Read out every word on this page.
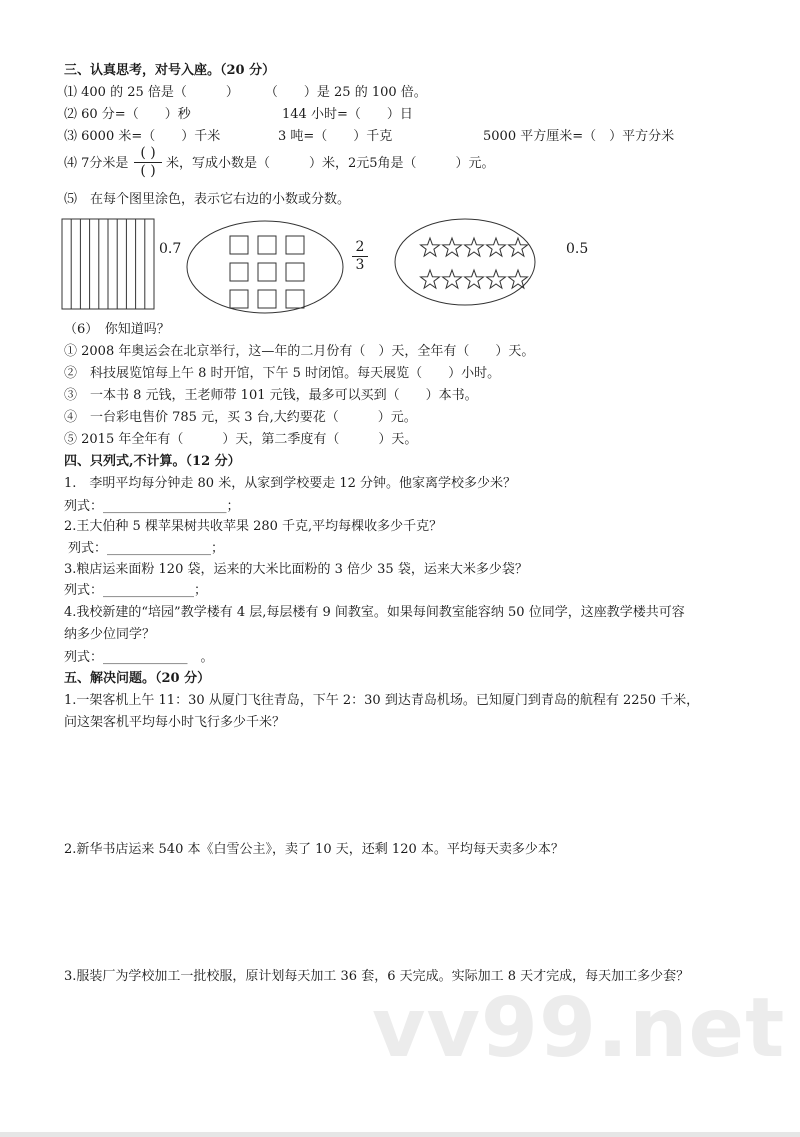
三、认真思考，对号入座。（20 分）
⑴ 400 的 25 倍是（　　　）　　　（　　）是 25 的 100 倍。
⑵ 60 分=（　　）秒	144 小时=（　　）日
⑶ 6000 米=（　　）千米	3 吨=（　　）千克	5000 平方厘米=（　）平方分米
⑷ 7分米是
( )
( ) 米，写成小数是（　　　）米，2元5角是（　　　）元。
⑸　在每个图里涂色，表示它右边的小数或分数。
0.7	2
3
0.5
（6）　你知道吗？
① 2008 年奥运会在北京举行，这—年的二月份有（　）天，全年有（　　）天。
②　科技展览馆每上午 8 时开馆，下午 5 时闭馆。每天展览（　　）小时。
③　一本书 8 元钱，王老师带 101 元钱，最多可以买到（　　）本书。
④　一台彩电售价 785 元，买 3 台,大约要花（　　　）元。
⑤ 2015 年全年有（　　　）天，第二季度有（　　　）天。
四、只列式,不计算。（12 分）
1.　李明平均每分钟走 80 米，从家到学校要走 12 分钟。他家离学校多少米？
列式：___________________；
2.王大伯种 5 棵苹果树共收苹果 280 千克,平均每棵收多少千克？
列式：________________；
3.粮店运来面粉 120 袋，运来的大米比面粉的 3 倍少 35 袋，运来大米多少袋？
列式：______________；
4.我校新建的“培园”教学楼有 4 层,每层楼有 9 间教室。如果每间教室能容纳 50 位同学，这座教学楼共可容
纳多少位同学？
列式：_____________　。
五、解决问题。（20 分）
1.一架客机上午 11：30 从厦门飞往青岛，下午 2：30 到达青岛机场。已知厦门到青岛的航程有 2250 千米，
问这架客机平均每小时飞行多少千米？
2.新华书店运来 540 本《白雪公主》，卖了 10 天，还剩 120 本。平均每天卖多少本？
3.服装厂为学校加工一批校服，原计划每天加工 36 套，6 天完成。实际加工 8 天才完成，每天加工多少套？
vv99.net
